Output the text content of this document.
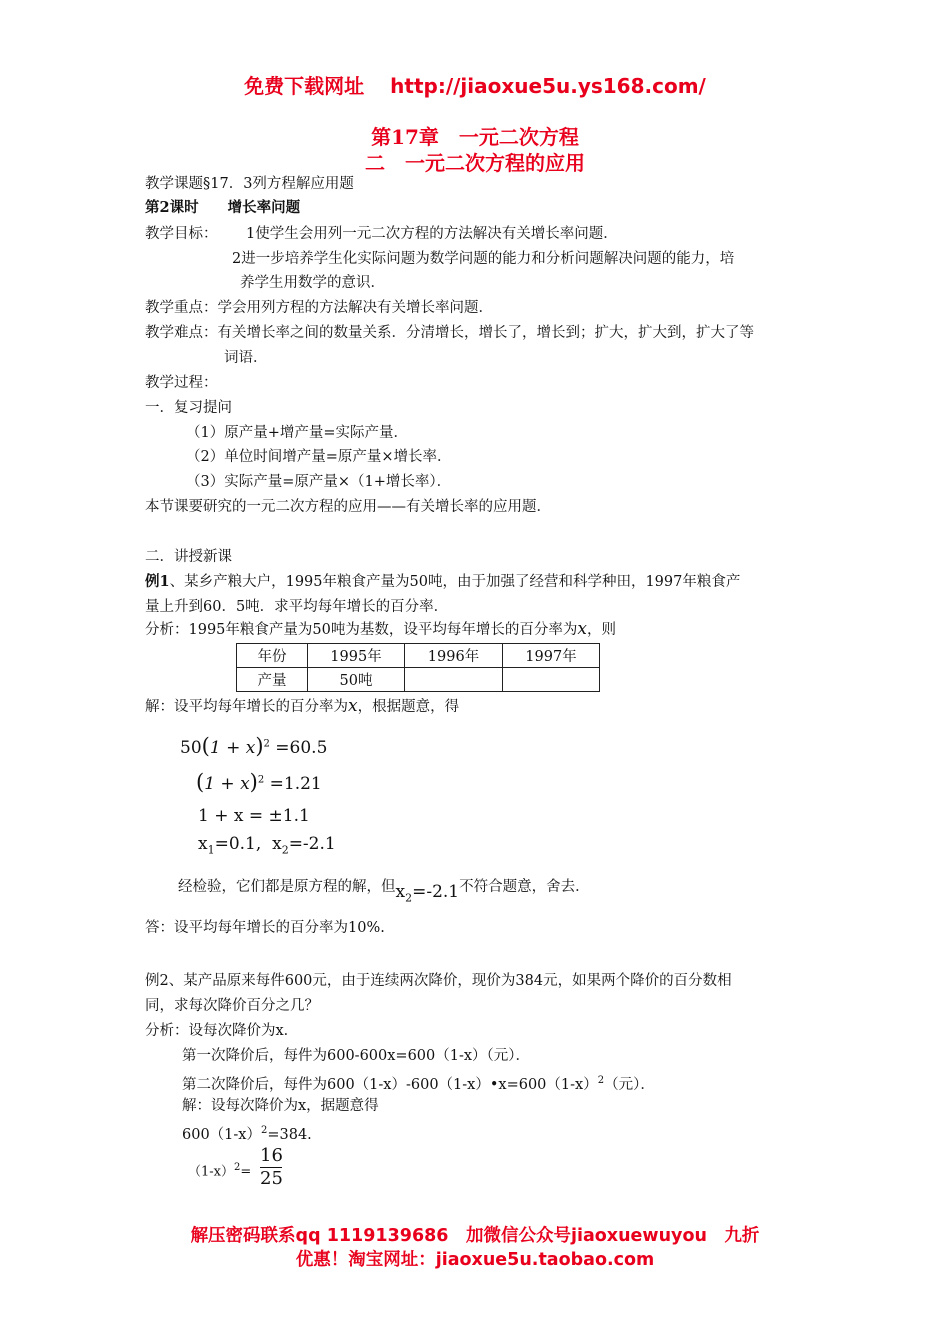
免费下载网址 http://jiaoxue5u.ys168.com/
第17章　一元二次方程
二　一元二次方程的应用
教学课题§17．3列方程解应用题
第2课时　　增长率问题
教学目标： 1使学生会用列一元二次方程的方法解决有关增长率问题．
2进一步培养学生化实际问题为数学问题的能力和分析问题解决问题的能力，培
养学生用数学的意识．
教学重点：学会用列方程的方法解决有关增长率问题．
教学难点：有关增长率之间的数量关系．分清增长，增长了，增长到；扩大，扩大到，扩大了等
词语．
教学过程：
一．复习提问
（1）原产量+增产量=实际产量．
（2）单位时间增产量=原产量×增长率．
（3）实际产量=原产量×（1+增长率）．
本节课要研究的一元二次方程的应用——有关增长率的应用题．
二．讲授新课
例1、某乡产粮大户，1995年粮食产量为50吨，由于加强了经营和科学种田，1997年粮食产
量上升到60．5吨．求平均每年增长的百分率．
分析：1995年粮食产量为50吨为基数，设平均每年增长的百分率为x，则
年份	1995年	1996年	1997年
产量	50吨		
解：设平均每年增长的百分率为x，根据题意，得
$50(1 + x)^2 =60.5$
$(1 + x)^2 =1.21$
1 + x = ±1.1
$x_1=0.1$,  $x_2=-2.1$
经检验，它们都是原方程的解，但$x_2=-2.1$不符合题意，舍去．
答：设平均每年增长的百分率为10%.
例2、某产品原来每件600元，由于连续两次降价，现价为384元，如果两个降价的百分数相
同，求每次降价百分之几？
分析：设每次降价为x．
第一次降价后，每件为600-600x=600（1-x）（元）．
第二次降价后，每件为$600(1-x)-600(1-x)•x=600(1-x)^2$（元）．
解：设每次降价为x，据题意得
$600(1-x)^2=384$.
$(1-x)^2=$
16
25
解压密码联系qq 1119139686　加微信公众号jiaoxuewuyou　九折
优惠！淘宝网址：jiaoxue5u.taobao.com
